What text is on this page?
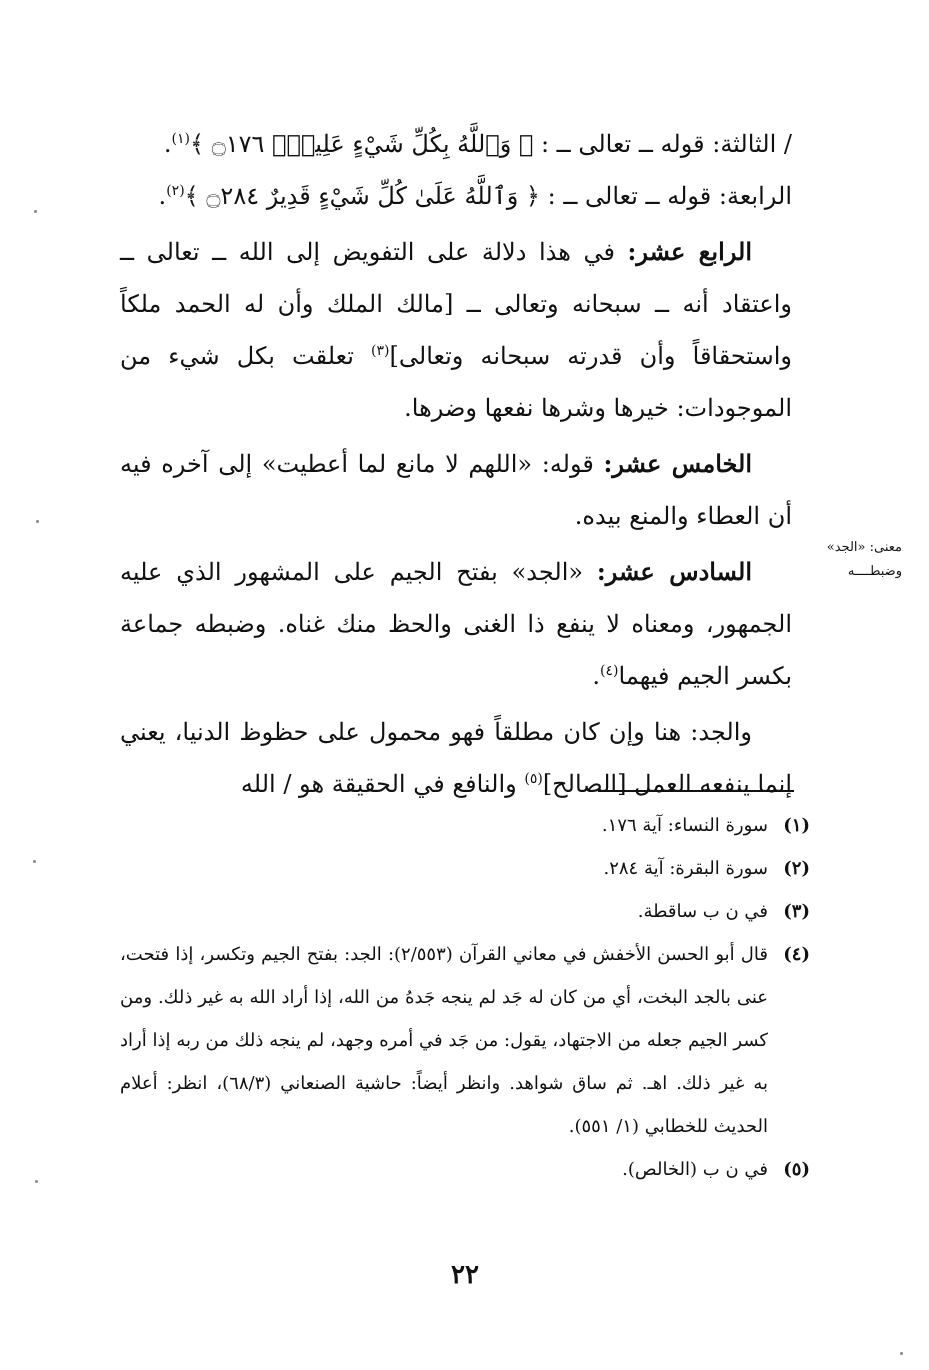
/ الثالثة: قوله ــ تعالى ــ : ﴿ وَٱللَّهُ بِكُلِّ شَيْءٍ عَلِيمٌۢ ۝١٧٦ ﴾$^{(١)}$.

الرابعة: قوله ــ تعالى ــ : ﴿ وَٱللَّهُ عَلَىٰ كُلِّ شَيْءٍ قَدِيرٌ ۝٢٨٤ ﴾$^{(٢)}$.

الرابع عشر: في هذا دلالة على التفويض إلى الله ــ تعالى ــ واعتقاد أنه ــ سبحانه وتعالى ــ [مالك الملك وأن له الحمد ملكاً واستحقاقاً وأن قدرته سبحانه وتعالى]$^{(٣)}$ تعلقت بكل شيء من الموجودات: خيرها وشرها نفعها وضرها.

الخامس عشر: قوله: «اللهم لا مانع لما أعطيت» إلى آخره فيه أن العطاء والمنع بيده.

السادس عشر: «الجد» بفتح الجيم على المشهور الذي عليه الجمهور، ومعناه لا ينفع ذا الغنى والحظ منك غناه. وضبطه جماعة بكسر الجيم فيهما$^{(٤)}$.

والجد: هنا وإن كان مطلقاً فهو محمول على حظوظ الدنيا، يعني إنما ينفعه العمل [الصالح]$^{(٥)}$ والنافع في الحقيقة هو / الله

معنى: «الجد»
وضبطــــه

(١)
سورة النساء: آية ١٧٦.

(٢)
سورة البقرة: آية ٢٨٤.

(٣)
في ن ب ساقطة.

(٤)
قال أبو الحسن الأخفش في معاني القرآن (٢/٥٥٣): الجد: بفتح الجيم وتكسر، إذا فتحت، عنى بالجد البخت، أي من كان له جَد لم ينجه جَدهُ من الله، إذا أراد الله به غير ذلك. ومن كسر الجيم جعله من الاجتهاد، يقول: من جَد في أمره وجهد، لم ينجه ذلك من ربه إذا أراد به غير ذلك. اهـ. ثم ساق شواهد. وانظر أيضاً: حاشية الصنعاني (٦٨/٣)، انظر: أعلام الحديث للخطابي (١/ ٥٥١).

(٥)
في ن ب (الخالص).

٢٢
